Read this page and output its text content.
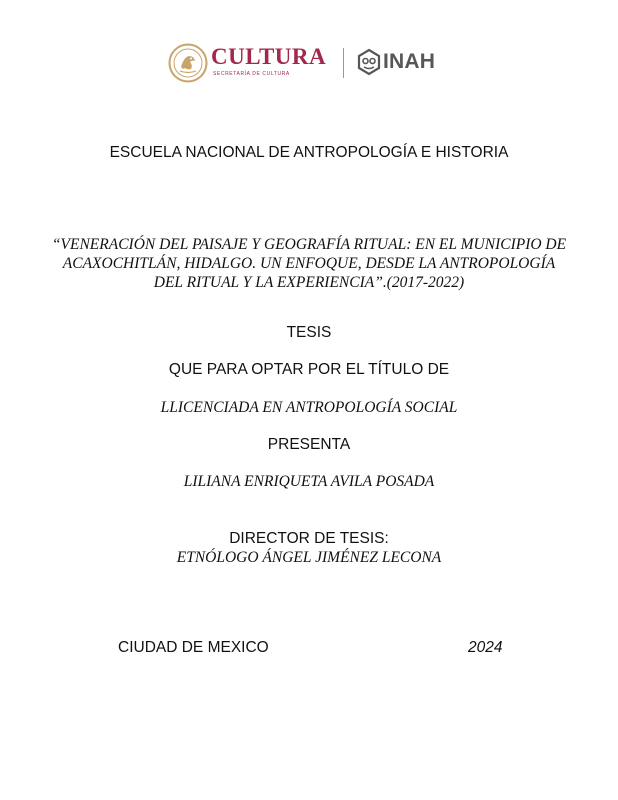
CULTURA
SECRETARÍA DE CULTURA
INAH
ESCUELA NACIONAL DE ANTROPOLOGÍA E HISTORIA
“VENERACIÓN DEL PAISAJE Y GEOGRAFÍA RITUAL: EN EL MUNICIPIO DE
ACAXOCHITLÁN, HIDALGO. UN ENFOQUE, DESDE LA ANTROPOLOGÍA
DEL RITUAL Y LA EXPERIENCIA”.(2017-2022)
TESIS
QUE PARA OPTAR POR EL TÍTULO DE
LLICENCIADA EN ANTROPOLOGÍA SOCIAL
PRESENTA
LILIANA ENRIQUETA AVILA POSADA
DIRECTOR DE TESIS:
ETNÓLOGO ÁNGEL JIMÉNEZ LECONA
CIUDAD DE MEXICO	2024
